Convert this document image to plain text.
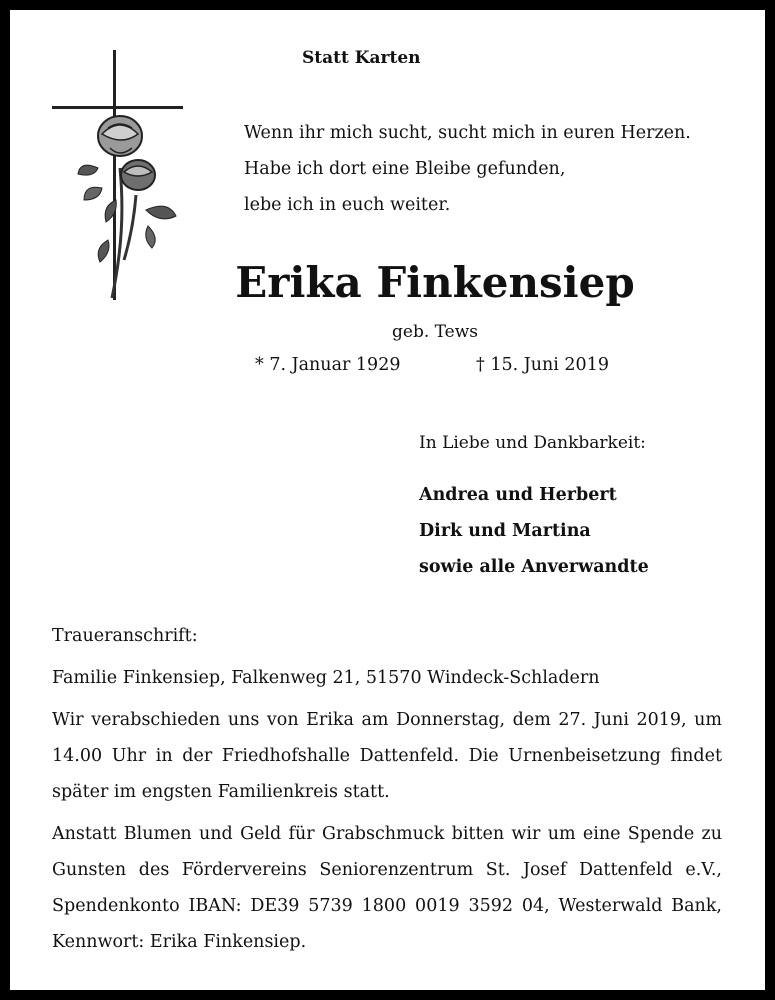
Statt Karten
Wenn ihr mich sucht, sucht mich in euren Herzen.
Habe ich dort eine Bleibe gefunden,
lebe ich in euch weiter.
Erika Finkensiep
geb. Tews
* 7. Januar 1929	† 15. Juni 2019
In Liebe und Dankbarkeit:
Andrea und Herbert
Dirk und Martina
sowie alle Anverwandte
Traueranschrift:
Familie Finkensiep, Falkenweg 21, 51570 Windeck-Schladern
Wir verabschieden uns von Erika am Donnerstag, dem 27. Juni 2019, um 14.00 Uhr in der Friedhofshalle Dattenfeld. Die Urnenbeisetzung findet später im engsten Familienkreis statt.
Anstatt Blumen und Geld für Grabschmuck bitten wir um eine Spende zu Gunsten des Fördervereins Seniorenzentrum St. Josef Dattenfeld e.V., Spendenkonto IBAN: DE39 5739 1800 0019 3592 04, Westerwald Bank, Kennwort: Erika Finkensiep.
